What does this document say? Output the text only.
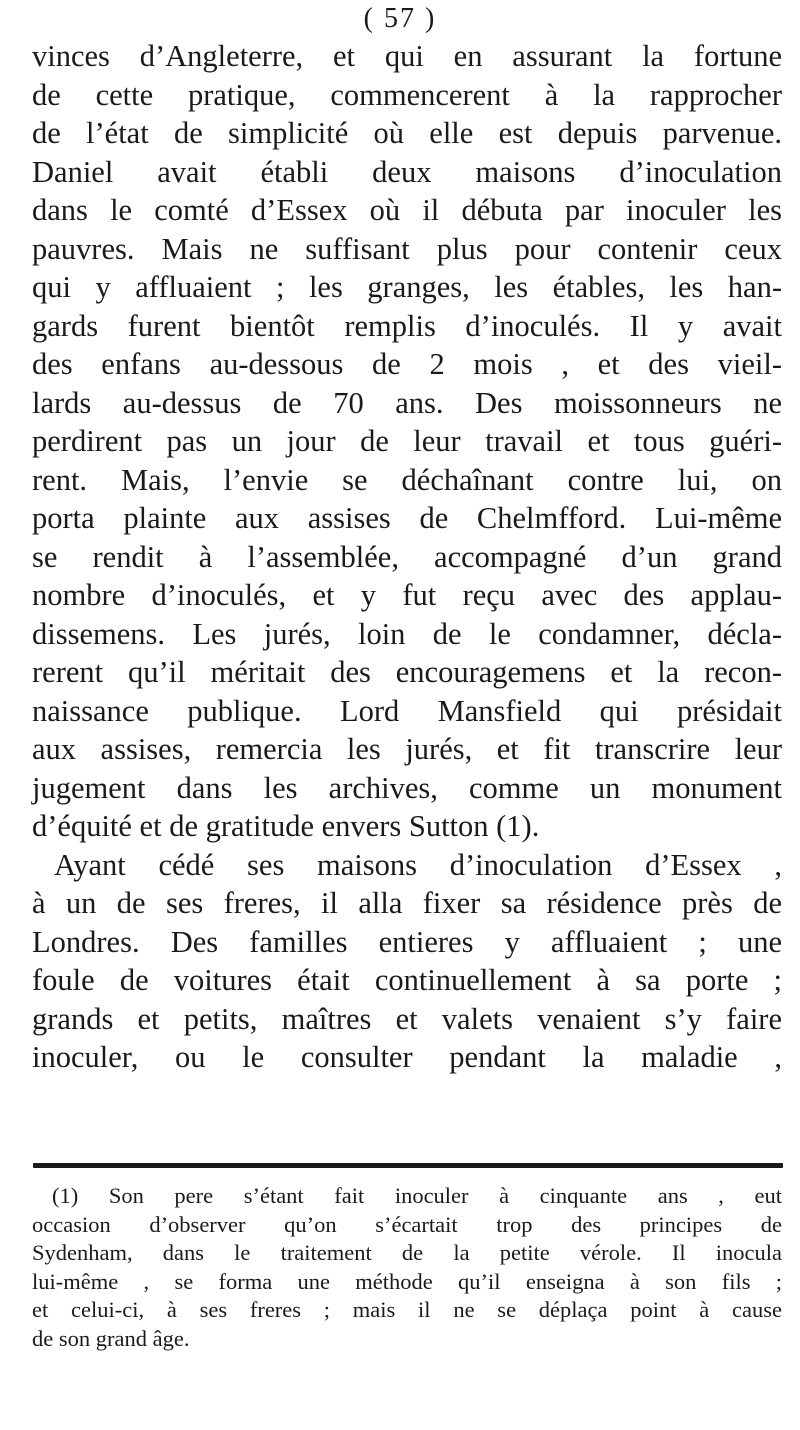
( 57 )
vinces d’Angleterre, et qui en assurant la fortune
de cette pratique, commencerent à la rapprocher
de l’état de simplicité où elle est depuis parvenue.
Daniel avait établi deux maisons d’inoculation
dans le comté d’Essex où il débuta par inoculer les
pauvres. Mais ne suffisant plus pour contenir ceux
qui y affluaient ; les granges, les étables, les han-
gards furent bientôt remplis d’inoculés. Il y avait
des enfans au-dessous de 2 mois , et des vieil-
lards au-dessus de 70 ans. Des moissonneurs ne
perdirent pas un jour de leur travail et tous guéri-
rent. Mais, l’envie se déchaînant contre lui, on
porta plainte aux assises de Chelmfford. Lui-même
se rendit à l’assemblée, accompagné d’un grand
nombre d’inoculés, et y fut reçu avec des applau-
dissemens. Les jurés, loin de le condamner, décla-
rerent qu’il méritait des encouragemens et la recon-
naissance publique. Lord Mansfield qui présidait
aux assises, remercia les jurés, et fit transcrire leur
jugement dans les archives, comme un monument
d’équité et de gratitude envers Sutton (1).
Ayant cédé ses maisons d’inoculation d’Essex ,
à un de ses freres, il alla fixer sa résidence près de
Londres. Des familles entieres y affluaient ; une
foule de voitures était continuellement à sa porte ;
grands et petits, maîtres et valets venaient s’y faire
inoculer, ou le consulter pendant la maladie ,
(1) Son pere s’étant fait inoculer à cinquante ans , eut
occasion d’observer qu’on s’écartait trop des principes de
Sydenham, dans le traitement de la petite vérole. Il inocula
lui-même , se forma une méthode qu’il enseigna à son fils ;
et celui-ci, à ses freres ; mais il ne se déplaça point à cause
de son grand âge.
